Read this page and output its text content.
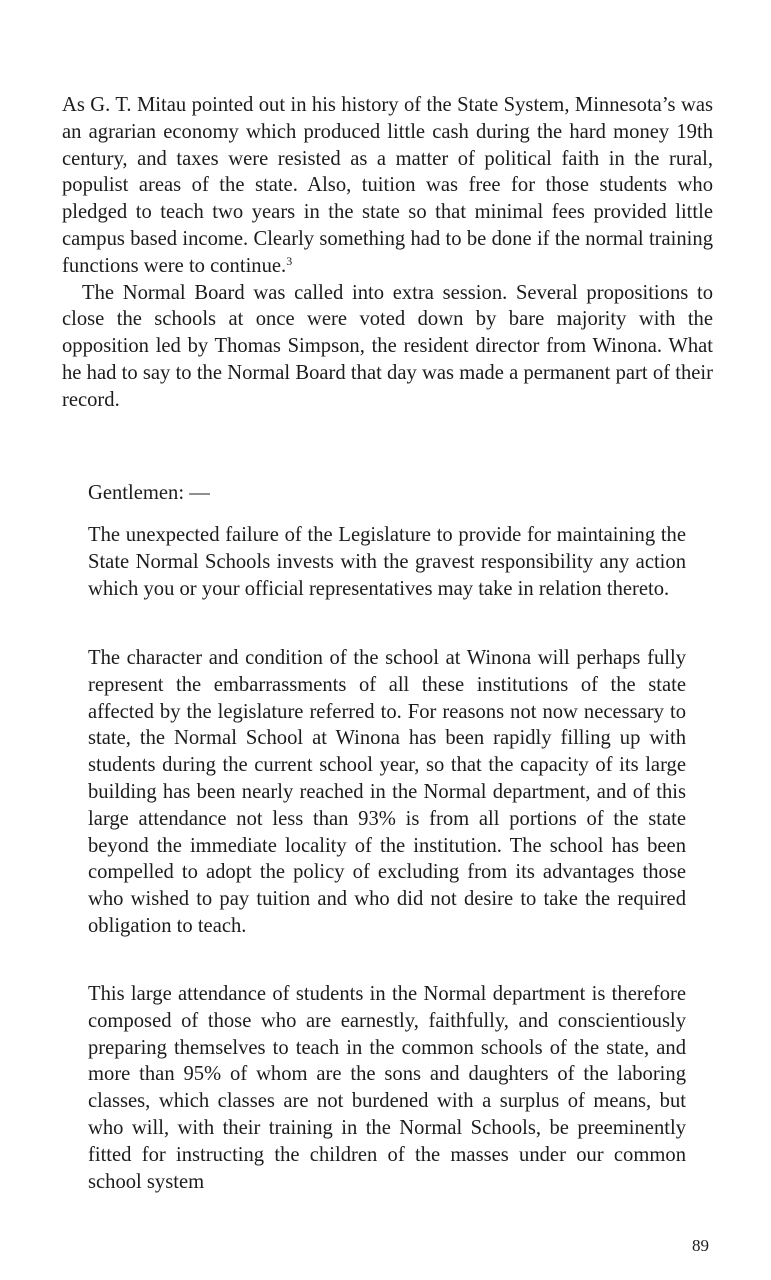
As G. T. Mitau pointed out in his history of the State System, Minnesota’s was an agrarian economy which produced little cash during the hard money 19th century, and taxes were resisted as a matter of political faith in the rural, populist areas of the state. Also, tuition was free for those students who pledged to teach two years in the state so that minimal fees provided little campus based income. Clearly something had to be done if the normal training functions were to continue.$^3$

The Normal Board was called into extra session. Several propositions to close the schools at once were voted down by bare majority with the opposition led by Thomas Simpson, the resident director from Winona. What he had to say to the Normal Board that day was made a permanent part of their record.

Gentlemen: —

The unexpected failure of the Legislature to provide for maintaining the State Normal Schools invests with the gravest responsibility any action which you or your official representatives may take in relation thereto.

The character and condition of the school at Winona will perhaps fully represent the embarrassments of all these institutions of the state affected by the legislature referred to. For reasons not now necessary to state, the Normal School at Winona has been rapidly filling up with students during the current school year, so that the capacity of its large building has been nearly reached in the Normal department, and of this large attendance not less than 93% is from all portions of the state beyond the immediate locality of the institution. The school has been compelled to adopt the policy of excluding from its advantages those who wished to pay tuition and who did not desire to take the required obligation to teach.

This large attendance of students in the Normal department is therefore composed of those who are earnestly, faithfully, and conscientiously preparing themselves to teach in the common schools of the state, and more than 95% of whom are the sons and daughters of the laboring classes, which classes are not burdened with a surplus of means, but who will, with their training in the Normal Schools, be preeminently fitted for instructing the children of the masses under our common school system

89
